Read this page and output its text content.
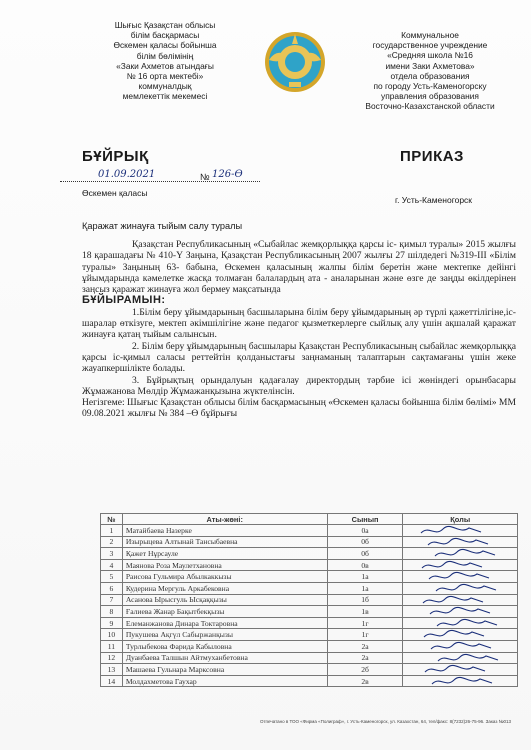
Шығыс Қазақстан облысы
білім басқармасы
Өскемен қаласы бойынша
білім бөлімінің
«Заки Ахметов атындағы
№ 16 орта мектебі»
коммуналдық
мемлекеттік мекемесі
Коммунальное
государственное учреждение
«Средняя школа №16
имени Заки Ахметова»
отдела образования
по городу Усть-Каменогорску
управления образования
Восточно-Казахстанской области
БҰЙРЫҚ	ПРИКАЗ
01.09.2021	№ 126-Ө
Өскемен қаласы
г. Усть-Каменогорск
Қаражат жинауға тыйым салу туралы

Қазақстан Республикасының «Сыбайлас жемқорлыққа қарсы іс- қимыл туралы» 2015 жылғы 18 қарашадағы № 410-Ү Заңына, Қазақстан Республикасының 2007 жылғы 27 шілдедегі №319-III «Білім туралы» Заңының 63- бабына, Өскемен қаласының жалпы білім беретін және мектепке дейінгі ұйымдарында кәмелетке жасқа толмаған балалардың ата - аналарынан және өзге де заңды өкілдерінен заңсыз қаражат жинауға жол бермеу мақсатында

БҰЙЫРАМЫН:

1.Білім беру ұйымдарының басшыларына білім беру ұйымдарының әр түрлі қажеттілігіне,іс-шаралар өткізуге, мектеп әкімшілігіне және педагог қызметкерлерге сыйлық алу үшін ақшалай қаражат жинауға қатаң тыйым салынсын.

2. Білім беру ұйымдарының басшылары Қазақстан Республикасының сыбайлас жемқорлыққа қарсы іс-қимыл саласы реттейтін қолданыстағы заңнаманың талаптарын сақтамағаны үшін жеке жауапкершілікте болады.

3. Бұйрықтың орындалуын қадағалау директордың тәрбие ісі жөніндегі орынбасары Жұмажанова Мөлдір Жұмажанқызына жүктелінсін.

Негізгеме: Шығыс Қазақстан облысы білім басқармасының «Өскемен қаласы бойынша білім бөлімі» ММ 09.08.2021 жылғы № 384 –Ө бұйрығы

№	Аты-жөні:	Сынып	Қолы
1	Матайбаева Назерке	0а	

2	Изырыцева Алтынай Тансыбаевна	0б	

3	Қажет Нұрсауле	0б	

4	Маянова Роза Маулетхановна	0в	

5	Раисова Гульмира Абылкаккызы	1а	

6	Кудерина Мергуль Аркабековна	1а	

7	Асанова Ырысгуль Ысқаққызы	1б	

8	Ғалиева Жанар Бақытбекқызы	1в	

9	Елеманжанова Динара Токтаровна	1г	

10	Пукушева Ақгүл Сабыржанқызы	1г	

11	Турлыбекова Фарида Кабыловна	2а	

12	Дуанбаева Талшын Айтмуханбетовна	2а	

13	Машаева Гульнара Марксовна	2б	

14	Молдахметова Гаухар	2в	
Отпечатано в ТОО «Фирма «Полиграф», г. Усть-Каменогорск, ул. Казахстан, 64, тел/факс: 8(7232)26-75-96. Заказ №013
